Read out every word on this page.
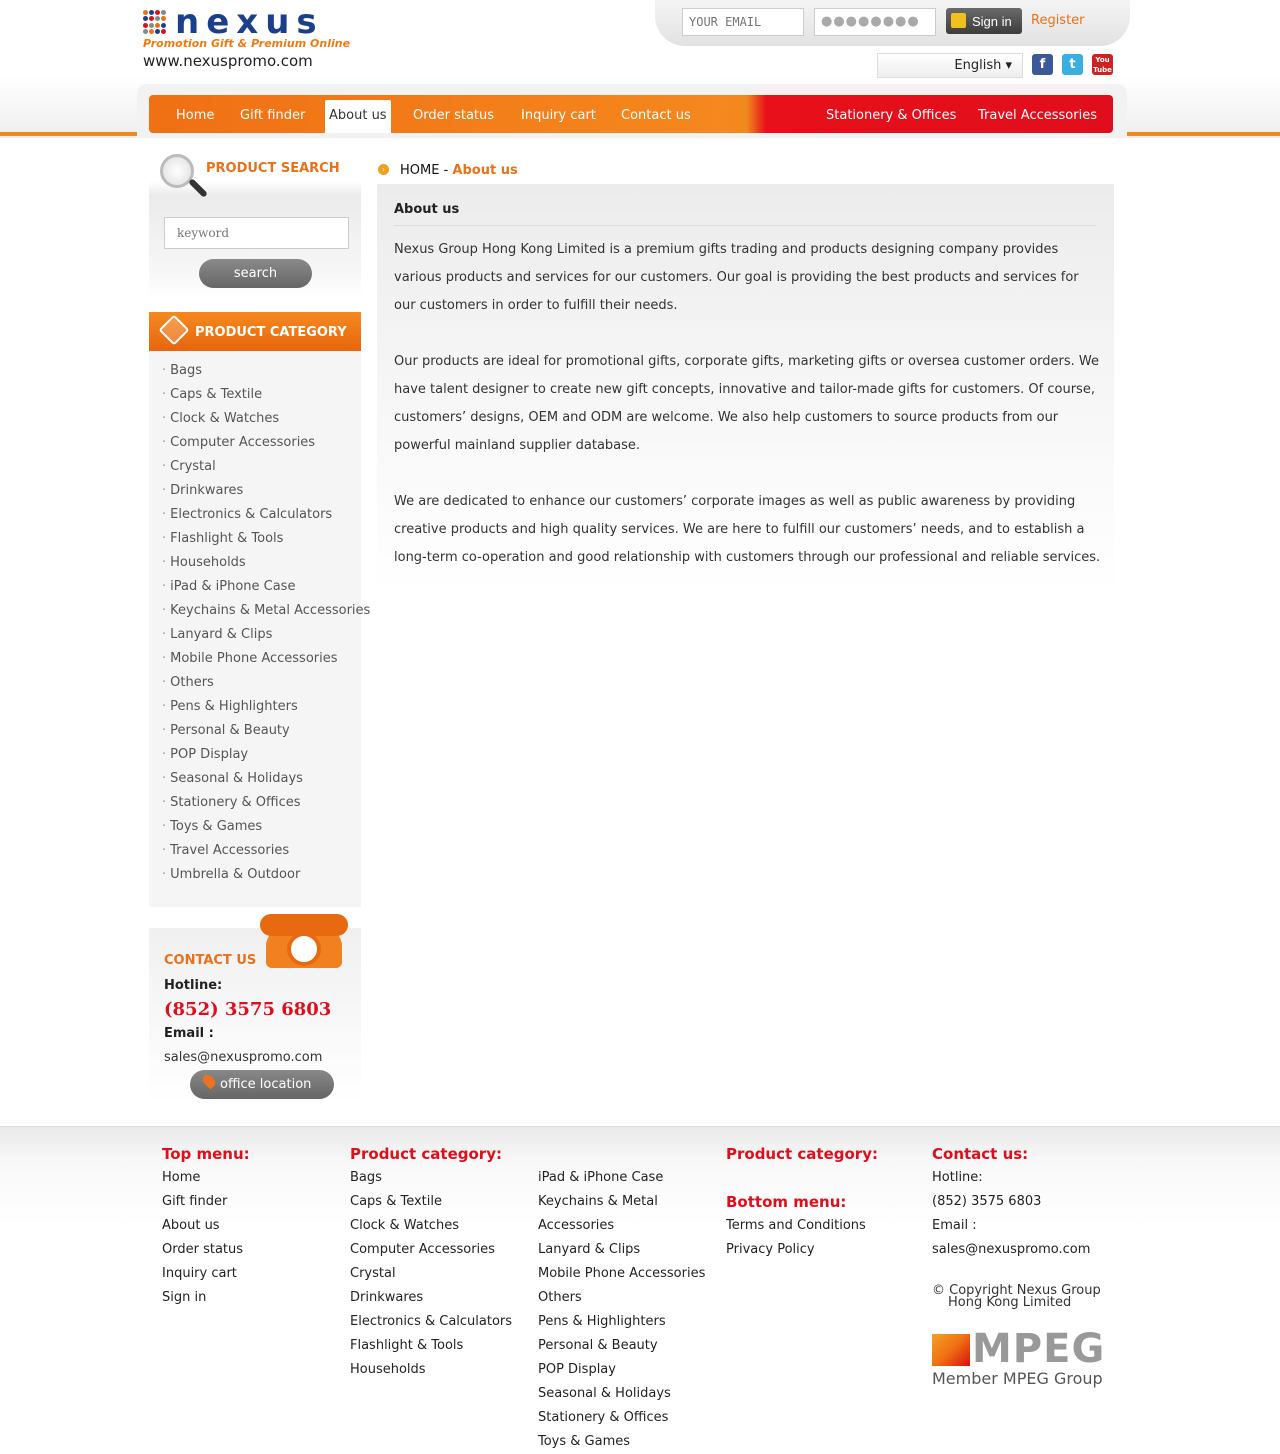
nexus
Promotion Gift & Premium Online
www.nexuspromo.com
YOUR EMAIL
●●●●●●●●	Sign in	Register
English ▾	f	t	You Tube
Home Gift finder	About us	Order status Inquiry cart Contact us	Stationery & Offices Travel Accessories
PRODUCT SEARCH
keyword
search
PRODUCT CATEGORY
· Bags
· Caps & Textile
· Clock & Watches
· Computer Accessories
· Crystal
· Drinkwares
· Electronics & Calculators
· Flashlight & Tools
· Households
· iPad & iPhone Case
· Keychains & Metal Accessories
· Lanyard & Clips
· Mobile Phone Accessories
· Others
· Pens & Highlighters
· Personal & Beauty
· POP Display
· Seasonal & Holidays
· Stationery & Offices
· Toys & Games
· Travel Accessories
· Umbrella & Outdoor
CONTACT US
Hotline:
(852) 3575 6803
Email :
sales@nexuspromo.com
office location
›	HOME - About us
About us

Nexus Group Hong Kong Limited is a premium gifts trading and products designing company provides various products and services for our customers. Our goal is providing the best products and services for our customers in order to fulfill their needs.

Our products are ideal for promotional gifts, corporate gifts, marketing gifts or oversea customer orders. We have talent designer to create new gift concepts, innovative and tailor-made gifts for customers. Of course, customers’ designs, OEM and ODM are welcome. We also help customers to source products from our powerful mainland supplier database.

We are dedicated to enhance our customers’ corporate images as well as public awareness by providing creative products and high quality services. We are here to fulfill our customers’ needs, and to establish a long-term co-operation and good relationship with customers through our professional and reliable services.

Top menu:
Home
Gift finder
About us
Order status
Inquiry cart
Sign in
Product category:
Bags
Caps & Textile
Clock & Watches
Computer Accessories
Crystal
Drinkwares
Electronics & Calculators
Flashlight & Tools
Households
iPad & iPhone Case
Keychains & Metal
Accessories
Lanyard & Clips
Mobile Phone Accessories
Others
Pens & Highlighters
Personal & Beauty
POP Display
Seasonal & Holidays
Stationery & Offices
Toys & Games
Product category:
Bottom menu:
Terms and Conditions
Privacy Policy
Contact us:
Hotline:
(852) 3575 6803
Email :
sales@nexuspromo.com
© Copyright Nexus Group
Hong Kong Limited
MPEG
Member MPEG Group
